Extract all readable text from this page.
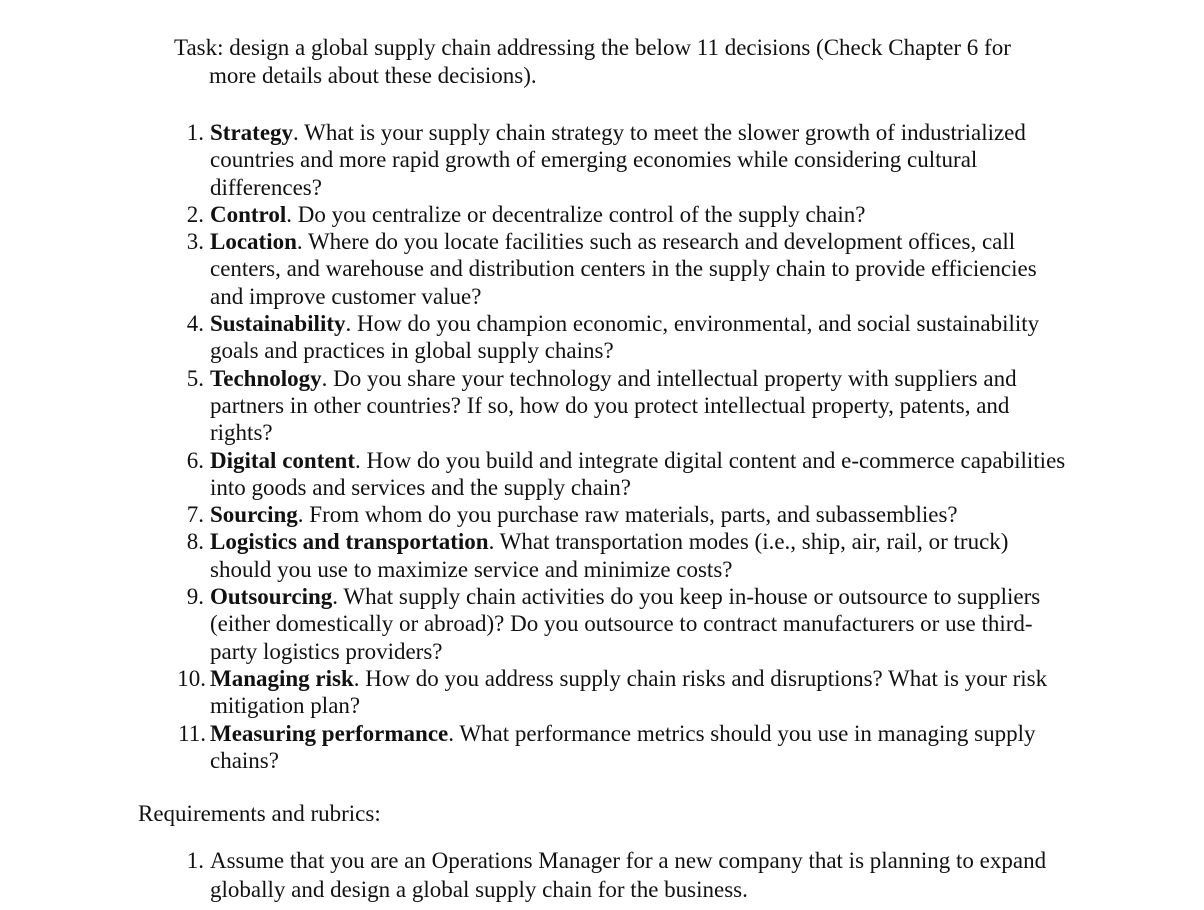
Task: design a global supply chain addressing the below 11 decisions (Check Chapter 6 for
more details about these decisions).
1. Strategy. What is your supply chain strategy to meet the slower growth of industrialized countries and more rapid growth of emerging economies while considering cultural differences?
2. Control. Do you centralize or decentralize control of the supply chain?
3. Location. Where do you locate facilities such as research and development offices, call centers, and warehouse and distribution centers in the supply chain to provide efficiencies and improve customer value?
4. Sustainability. How do you champion economic, environmental, and social sustainability goals and practices in global supply chains?
5. Technology. Do you share your technology and intellectual property with suppliers and partners in other countries? If so, how do you protect intellectual property, patents, and rights?
6. Digital content. How do you build and integrate digital content and e-commerce capabilities into goods and services and the supply chain?
7. Sourcing. From whom do you purchase raw materials, parts, and subassemblies?
8. Logistics and transportation. What transportation modes (i.e., ship, air, rail, or truck) should you use to maximize service and minimize costs?
9. Outsourcing. What supply chain activities do you keep in-house or outsource to suppliers (either domestically or abroad)? Do you outsource to contract manufacturers or use third-party logistics providers?
10. Managing risk. How do you address supply chain risks and disruptions? What is your risk mitigation plan?
11. Measuring performance. What performance metrics should you use in managing supply chains?
Requirements and rubrics:
1. Assume that you are an Operations Manager for a new company that is planning to expand globally and design a global supply chain for the business.
